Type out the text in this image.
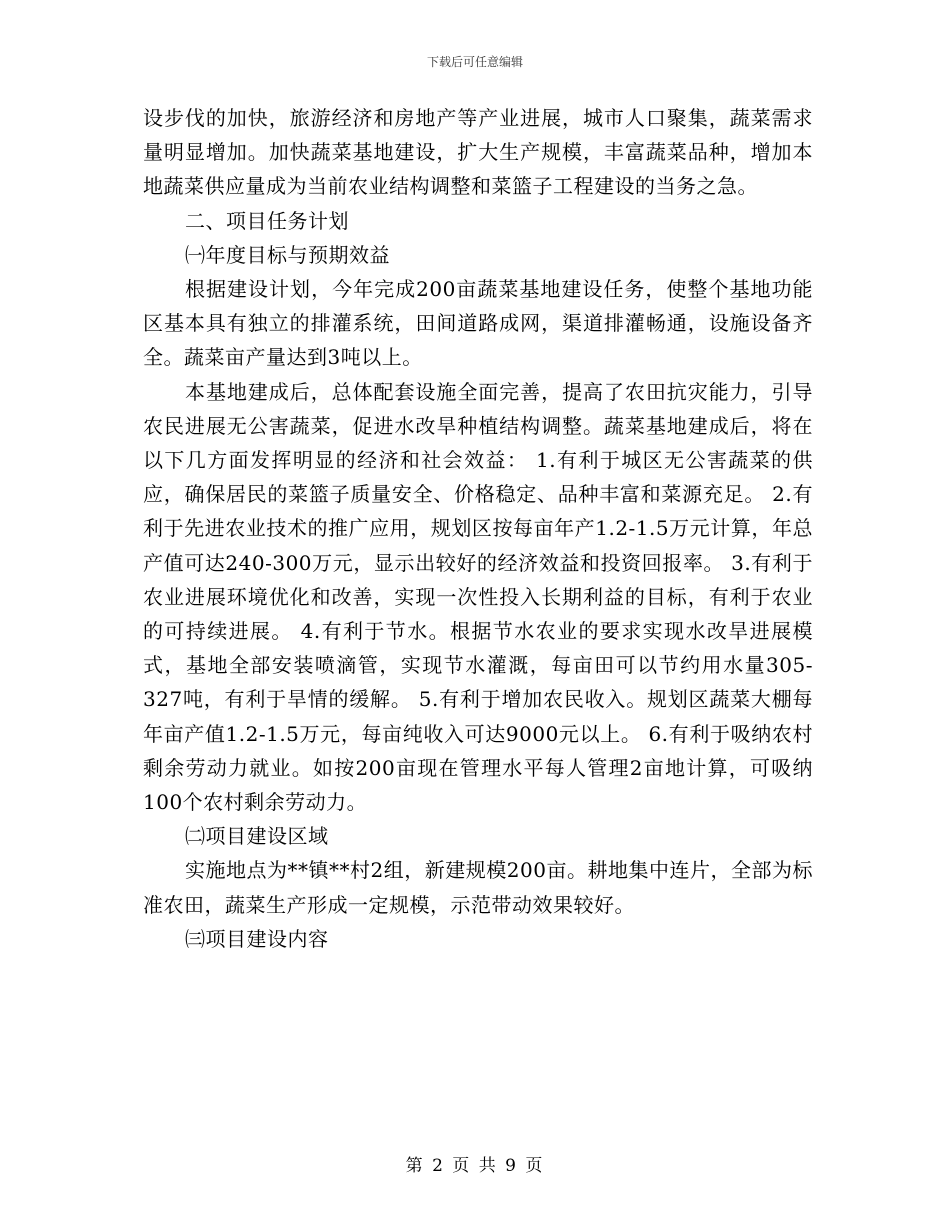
下载后可任意编辑

设步伐的加快，旅游经济和房地产等产业进展，城市人口聚集，蔬菜需求量明显增加。加快蔬菜基地建设，扩大生产规模，丰富蔬菜品种，增加本地蔬菜供应量成为当前农业结构调整和菜篮子工程建设的当务之急。

二、项目任务计划

㈠年度目标与预期效益

根据建设计划，今年完成200亩蔬菜基地建设任务，使整个基地功能区基本具有独立的排灌系统，田间道路成网，渠道排灌畅通，设施设备齐全。蔬菜亩产量达到3吨以上。

本基地建成后，总体配套设施全面完善，提高了农田抗灾能力，引导农民进展无公害蔬菜，促进水改旱种植结构调整。蔬菜基地建成后，将在以下几方面发挥明显的经济和社会效益： 1.有利于城区无公害蔬菜的供应，确保居民的菜篮子质量安全、价格稳定、品种丰富和菜源充足。 2.有利于先进农业技术的推广应用，规划区按每亩年产1.2-1.5万元计算，年总产值可达240-300万元，显示出较好的经济效益和投资回报率。 3.有利于农业进展环境优化和改善，实现一次性投入长期利益的目标，有利于农业的可持续进展。 4.有利于节水。根据节水农业的要求实现水改旱进展模式，基地全部安装喷滴管，实现节水灌溉，每亩田可以节约用水量305-327吨，有利于旱情的缓解。 5.有利于增加农民收入。规划区蔬菜大棚每年亩产值1.2-1.5万元，每亩纯收入可达9000元以上。 6.有利于吸纳农村剩余劳动力就业。如按200亩现在管理水平每人管理2亩地计算，可吸纳100个农村剩余劳动力。

㈡项目建设区域

实施地点为**镇**村2组，新建规模200亩。耕地集中连片，全部为标准农田，蔬菜生产形成一定规模，示范带动效果较好。

㈢项目建设内容

第 2 页 共 9 页
